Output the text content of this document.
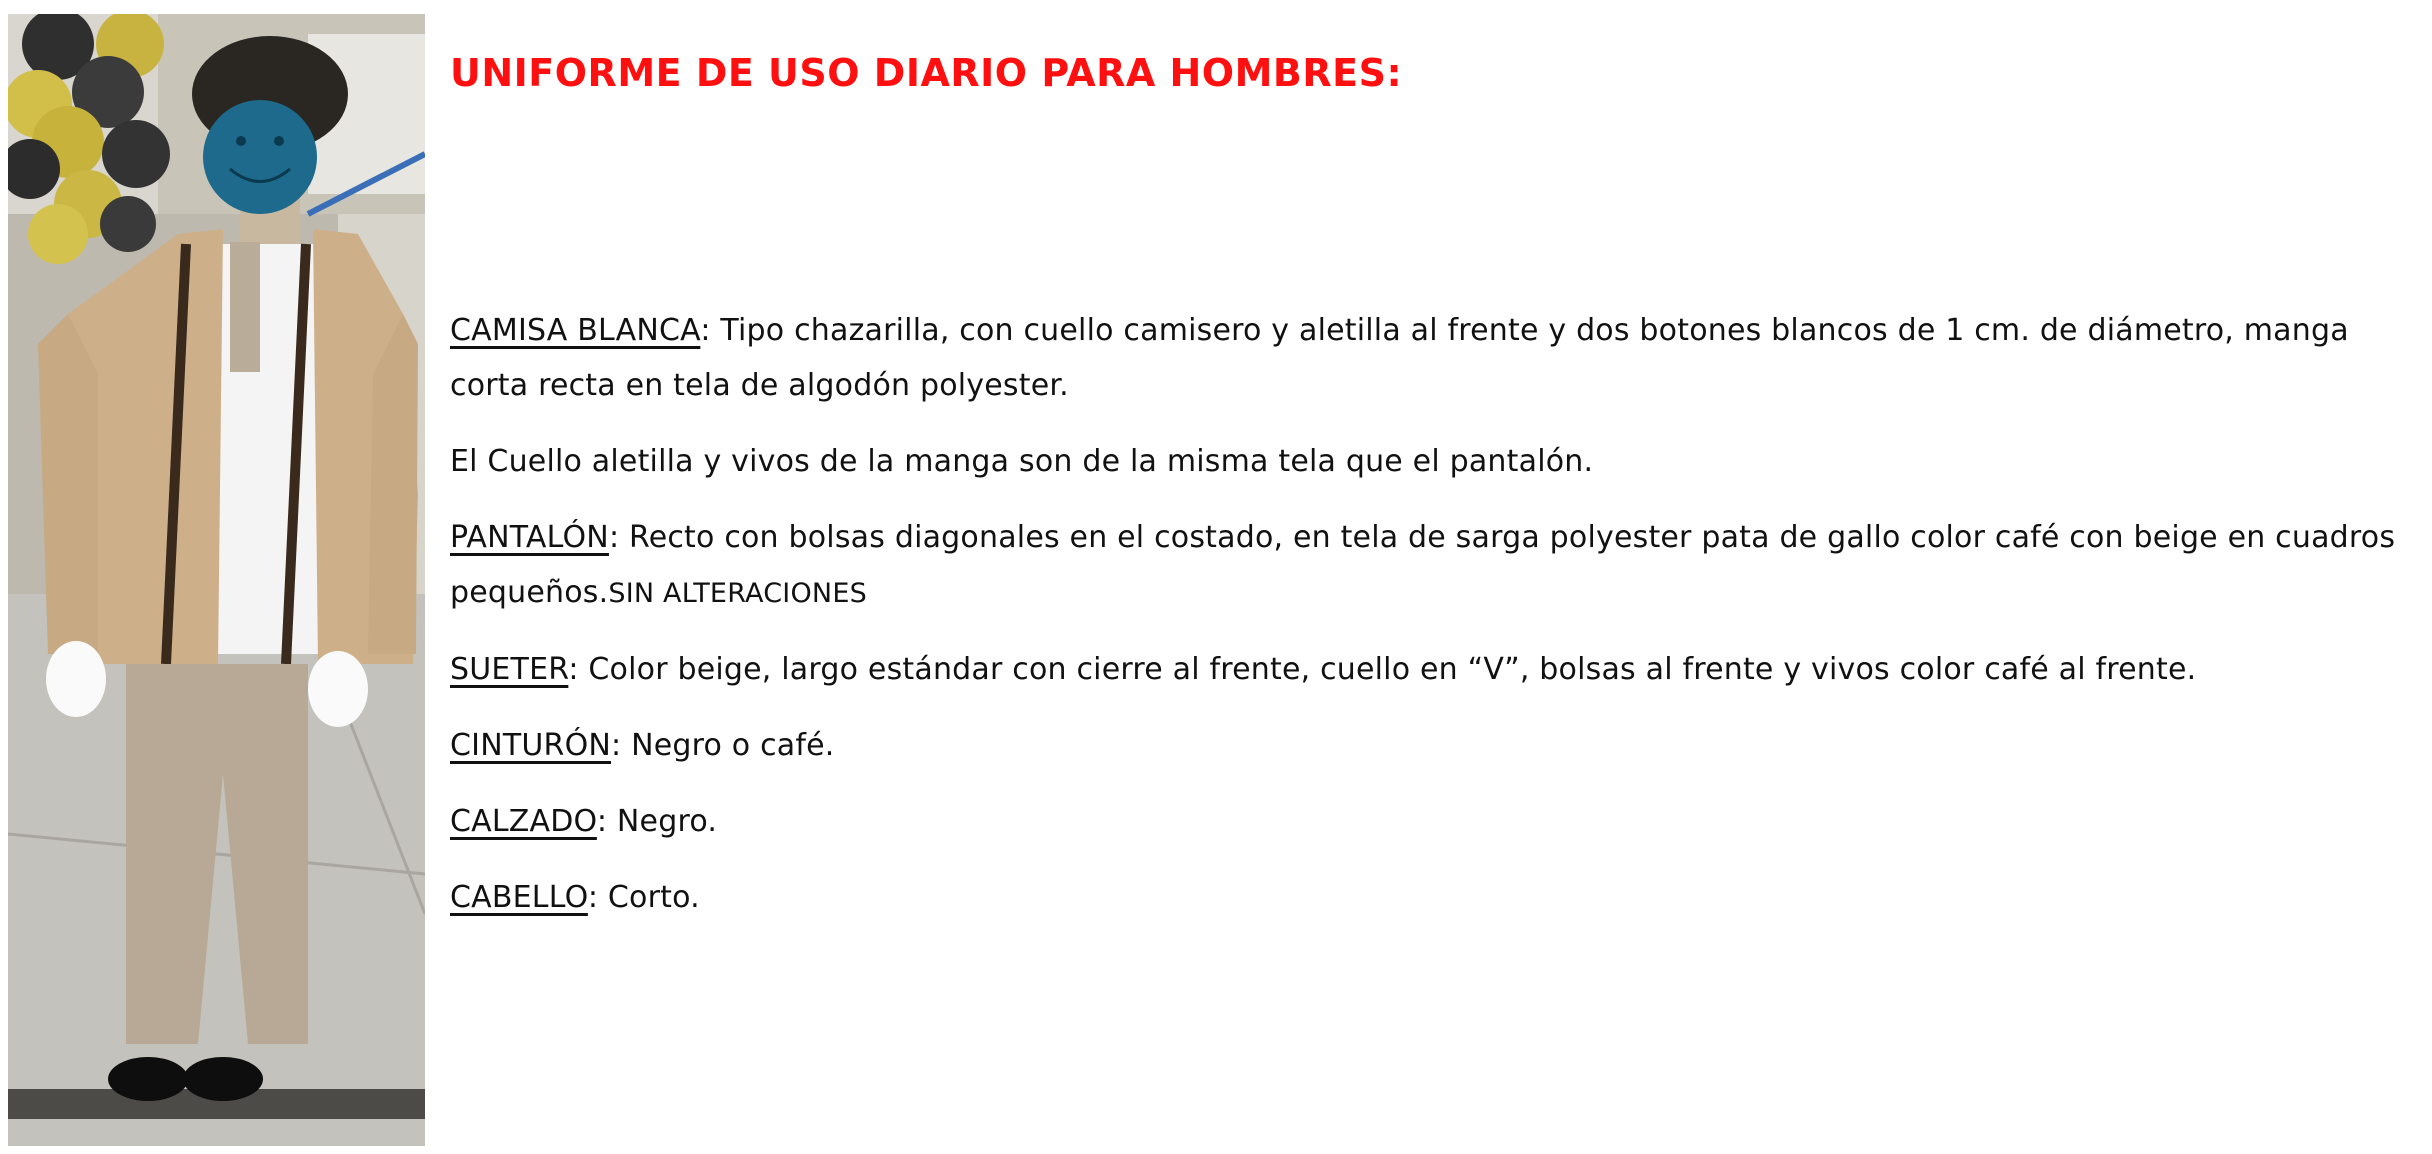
UNIFORME DE USO DIARIO PARA HOMBRES:

CAMISA BLANCA: Tipo chazarilla, con cuello camisero y aletilla al frente y dos botones blancos de 1 cm. de diámetro, manga corta recta en tela de algodón polyester.

El Cuello aletilla y vivos de la manga son de la misma tela que el pantalón.

PANTALÓN: Recto con bolsas diagonales en el costado, en tela de sarga polyester pata de gallo color café con beige en cuadros pequeños.SIN ALTERACIONES

SUETER: Color beige, largo estándar con cierre al frente, cuello en “V”, bolsas al frente y vivos color café al frente.

CINTURÓN: Negro o café.

CALZADO: Negro.

CABELLO: Corto.
